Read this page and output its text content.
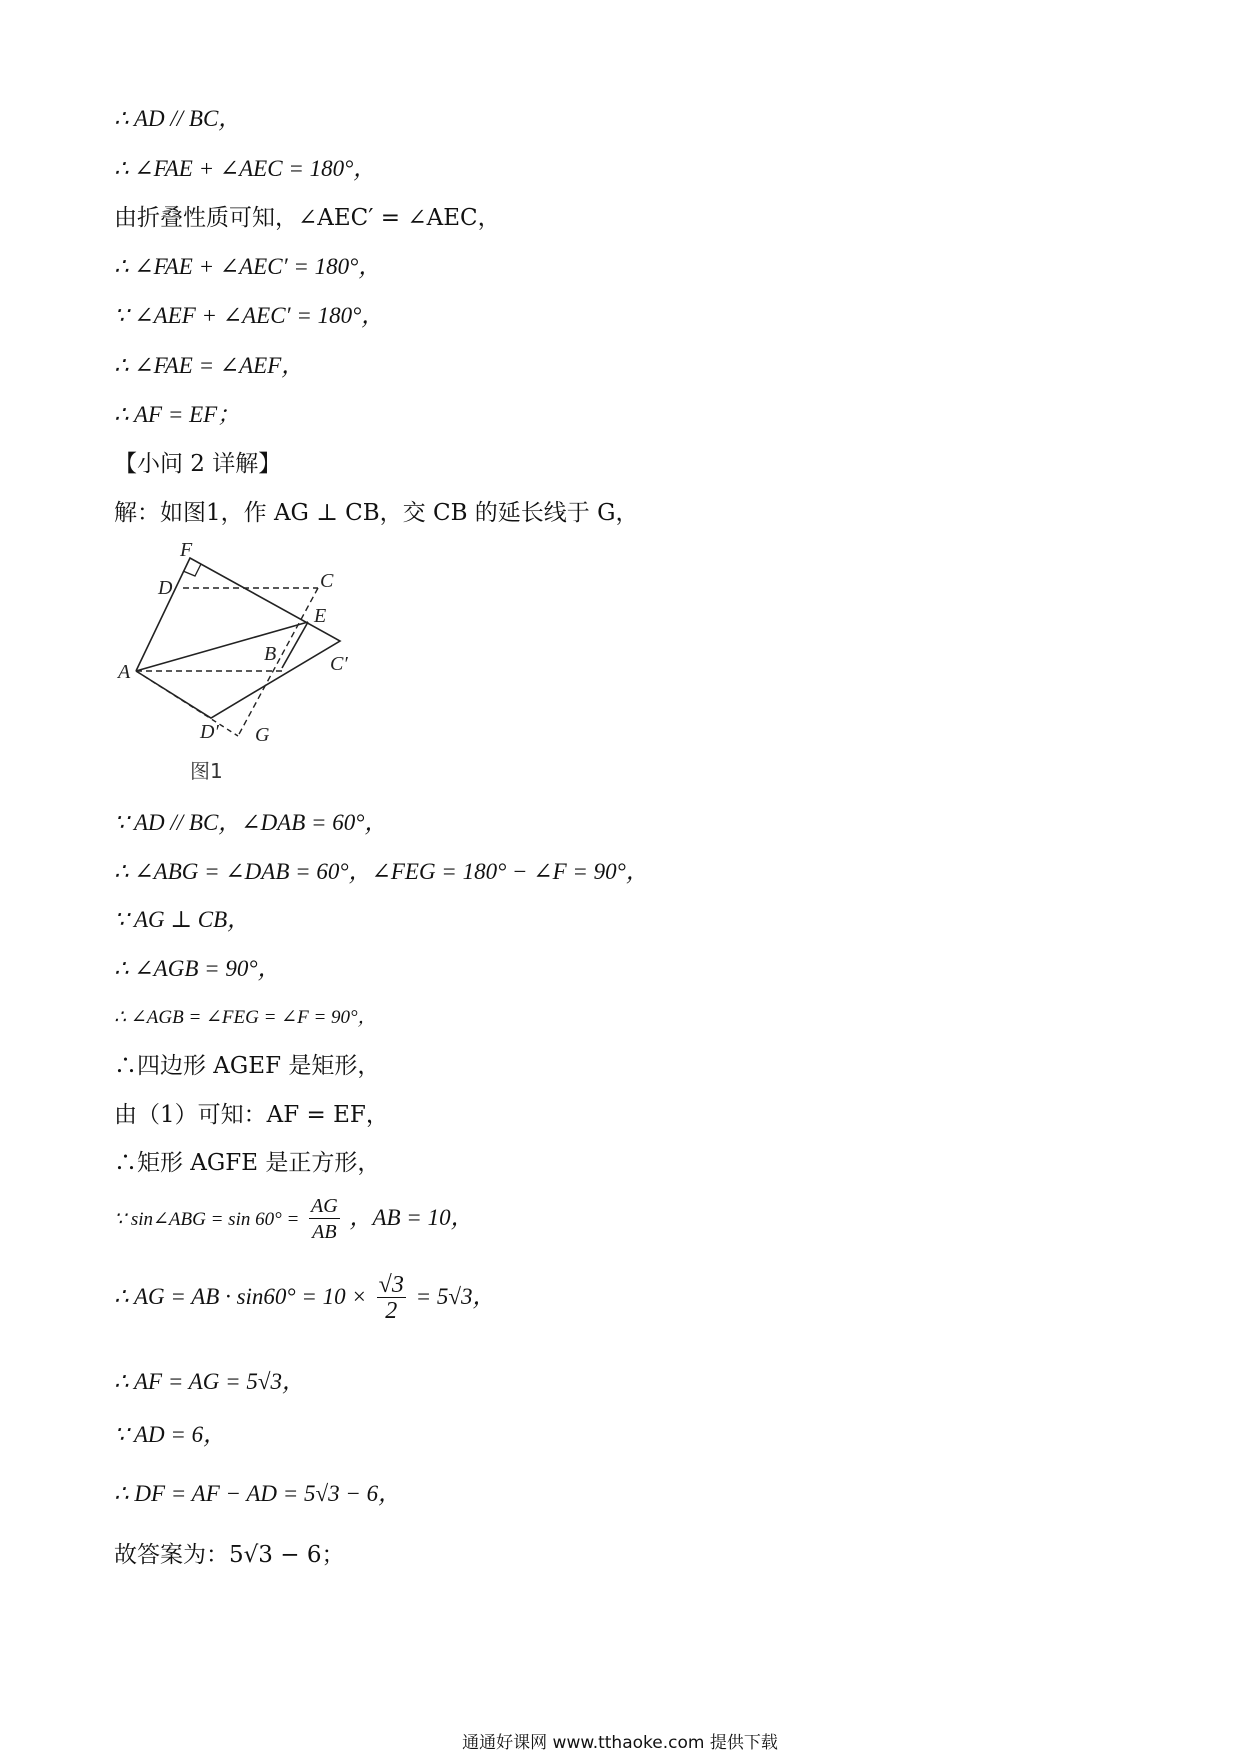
∴ AD // BC，
∴ ∠FAE + ∠AEC = 180°，
由折叠性质可知，∠AEC′ = ∠AEC，
∴ ∠FAE + ∠AEC′ = 180°，
∵ ∠AEF + ∠AEC′ = 180°，
∴ ∠FAE = ∠AEF，
∴ AF = EF；
【小问 2 详解】
解：如图1，作 AG ⊥ CB，交 CB 的延长线于 G，
F
D	C
E
B
A	C′
D′ G
图1
∵ AD // BC，∠DAB = 60°，
∴ ∠ABG = ∠DAB = 60°，∠FEG = 180° − ∠F = 90°，
∵ AG ⊥ CB，
∴ ∠AGB = 90°，
∴ ∠AGB = ∠FEG = ∠F = 90°，
∴四边形 AGEF 是矩形，
由（1）可知：AF = EF，
∴矩形 AGFE 是正方形，
∵ sin∠ABG = $\sin 60^\circ = \frac{AG}{AB}$ ，AB = 10，
∴ AG = AB · $\sin 60^\circ = 10 \times \frac{√3}{2} = 5√3$，
∴ AF = AG = 5√3，
∵ AD = 6，
∴ DF = AF − AD = 5√3 − 6，
故答案为：5√3 − 6；
通通好课网 www.tthaoke.com 提供下载
